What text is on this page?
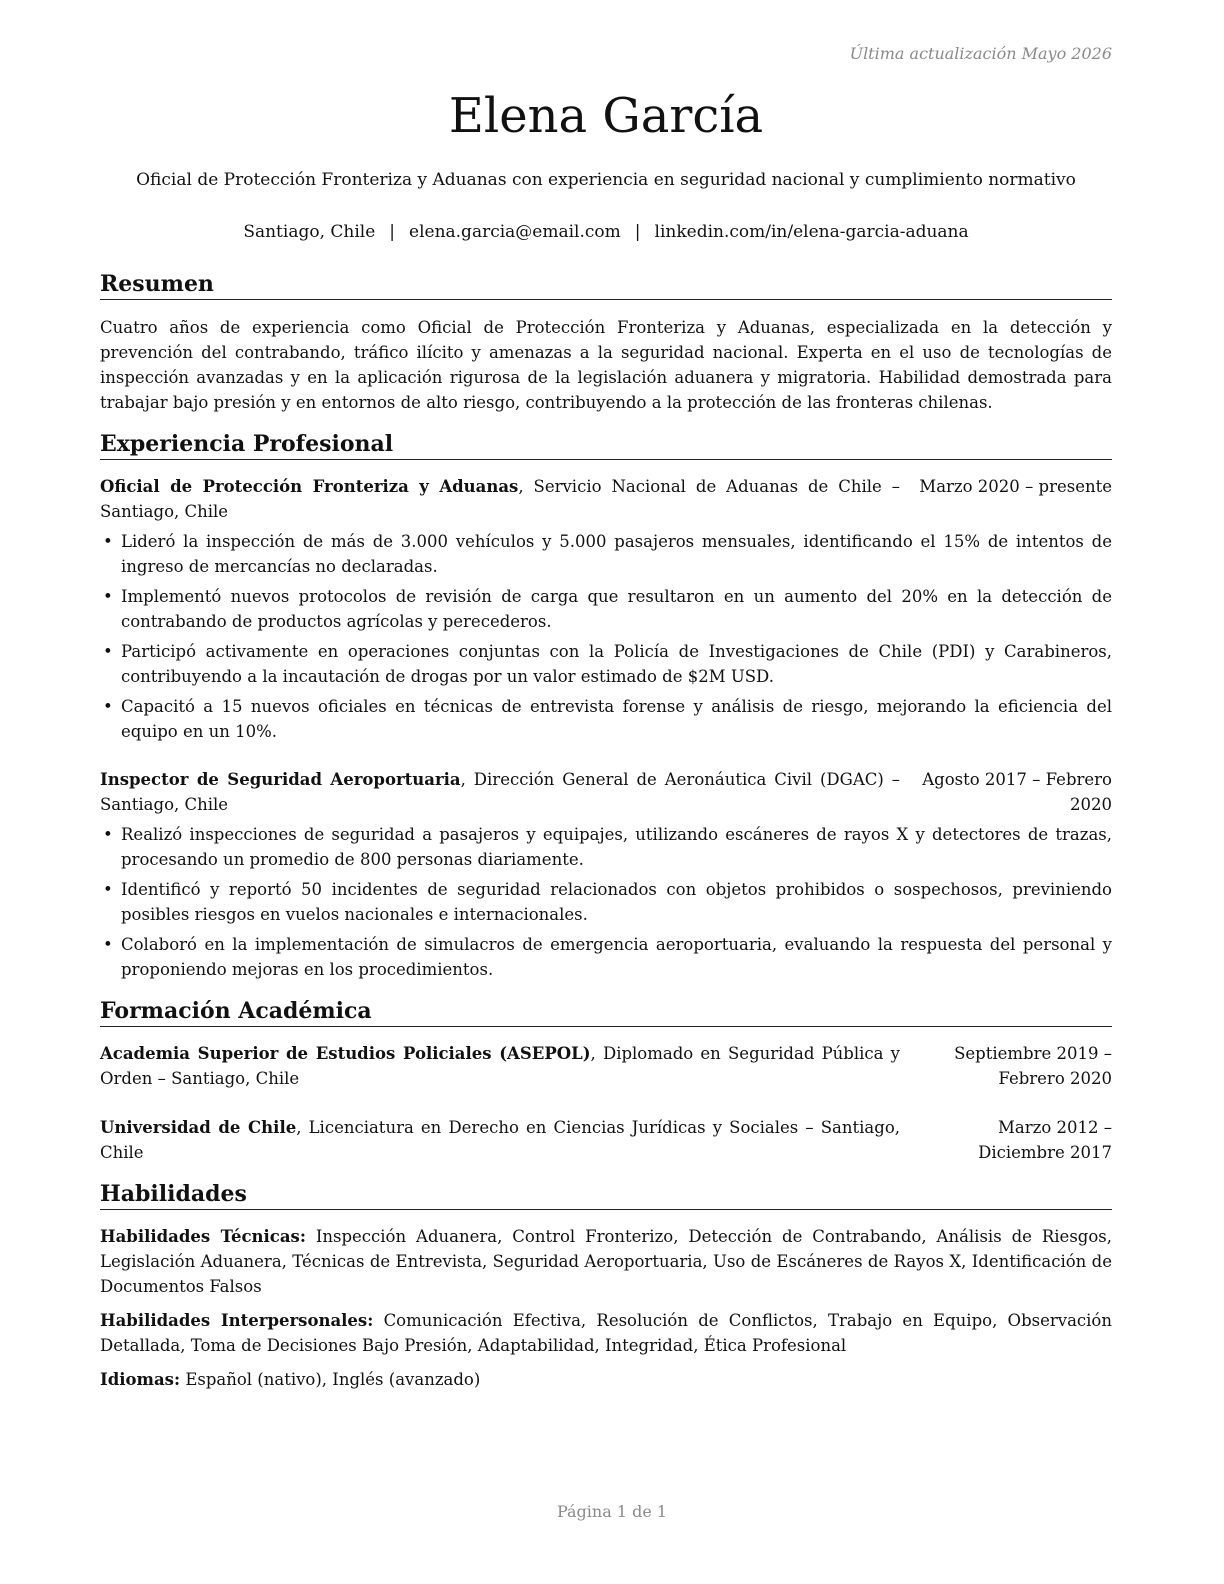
Última actualización Mayo 2026
Elena García
Oficial de Protección Fronteriza y Aduanas con experiencia en seguridad nacional y cumplimiento normativo
Santiago, Chile | elena.garcia@email.com | linkedin.com/in/elena-garcia-aduana
Resumen
Cuatro años de experiencia como Oficial de Protección Fronteriza y Aduanas, especializada en la detección y prevención del contrabando, tráfico ilícito y amenazas a la seguridad nacional. Experta en el uso de tecnologías de inspección avanzadas y en la aplicación rigurosa de la legislación aduanera y migratoria. Habilidad demostrada para trabajar bajo presión y en entornos de alto riesgo, contribuyendo a la protección de las fronteras chilenas.
Experiencia Profesional
Oficial de Protección Fronteriza y Aduanas, Servicio Nacional de Aduanas de Chile – Santiago, Chile
Marzo 2020 – presente
• Lideró la inspección de más de 3.000 vehículos y 5.000 pasajeros mensuales, identificando el 15% de intentos de ingreso de mercancías no declaradas.
• Implementó nuevos protocolos de revisión de carga que resultaron en un aumento del 20% en la detección de contrabando de productos agrícolas y perecederos.
• Participó activamente en operaciones conjuntas con la Policía de Investigaciones de Chile (PDI) y Carabineros, contribuyendo a la incautación de drogas por un valor estimado de $2M USD.
• Capacitó a 15 nuevos oficiales en técnicas de entrevista forense y análisis de riesgo, mejorando la eficiencia del equipo en un 10%.
Inspector de Seguridad Aeroportuaria, Dirección General de Aeronáutica Civil (DGAC) – Santiago, Chile
Agosto 2017 – Febrero 2020
• Realizó inspecciones de seguridad a pasajeros y equipajes, utilizando escáneres de rayos X y detectores de trazas, procesando un promedio de 800 personas diariamente.
• Identificó y reportó 50 incidentes de seguridad relacionados con objetos prohibidos o sospechosos, previniendo posibles riesgos en vuelos nacionales e internacionales.
• Colaboró en la implementación de simulacros de emergencia aeroportuaria, evaluando la respuesta del personal y proponiendo mejoras en los procedimientos.
Formación Académica
Academia Superior de Estudios Policiales (ASEPOL), Diplomado en Seguridad Pública y Orden – Santiago, Chile
Septiembre 2019 – Febrero 2020
Universidad de Chile, Licenciatura en Derecho en Ciencias Jurídicas y Sociales – Santiago, Chile
Marzo 2012 – Diciembre 2017
Habilidades
Habilidades Técnicas: Inspección Aduanera, Control Fronterizo, Detección de Contrabando, Análisis de Riesgos, Legislación Aduanera, Técnicas de Entrevista, Seguridad Aeroportuaria, Uso de Escáneres de Rayos X, Identificación de Documentos Falsos
Habilidades Interpersonales: Comunicación Efectiva, Resolución de Conflictos, Trabajo en Equipo, Observación Detallada, Toma de Decisiones Bajo Presión, Adaptabilidad, Integridad, Ética Profesional
Idiomas: Español (nativo), Inglés (avanzado)
Página 1 de 1
